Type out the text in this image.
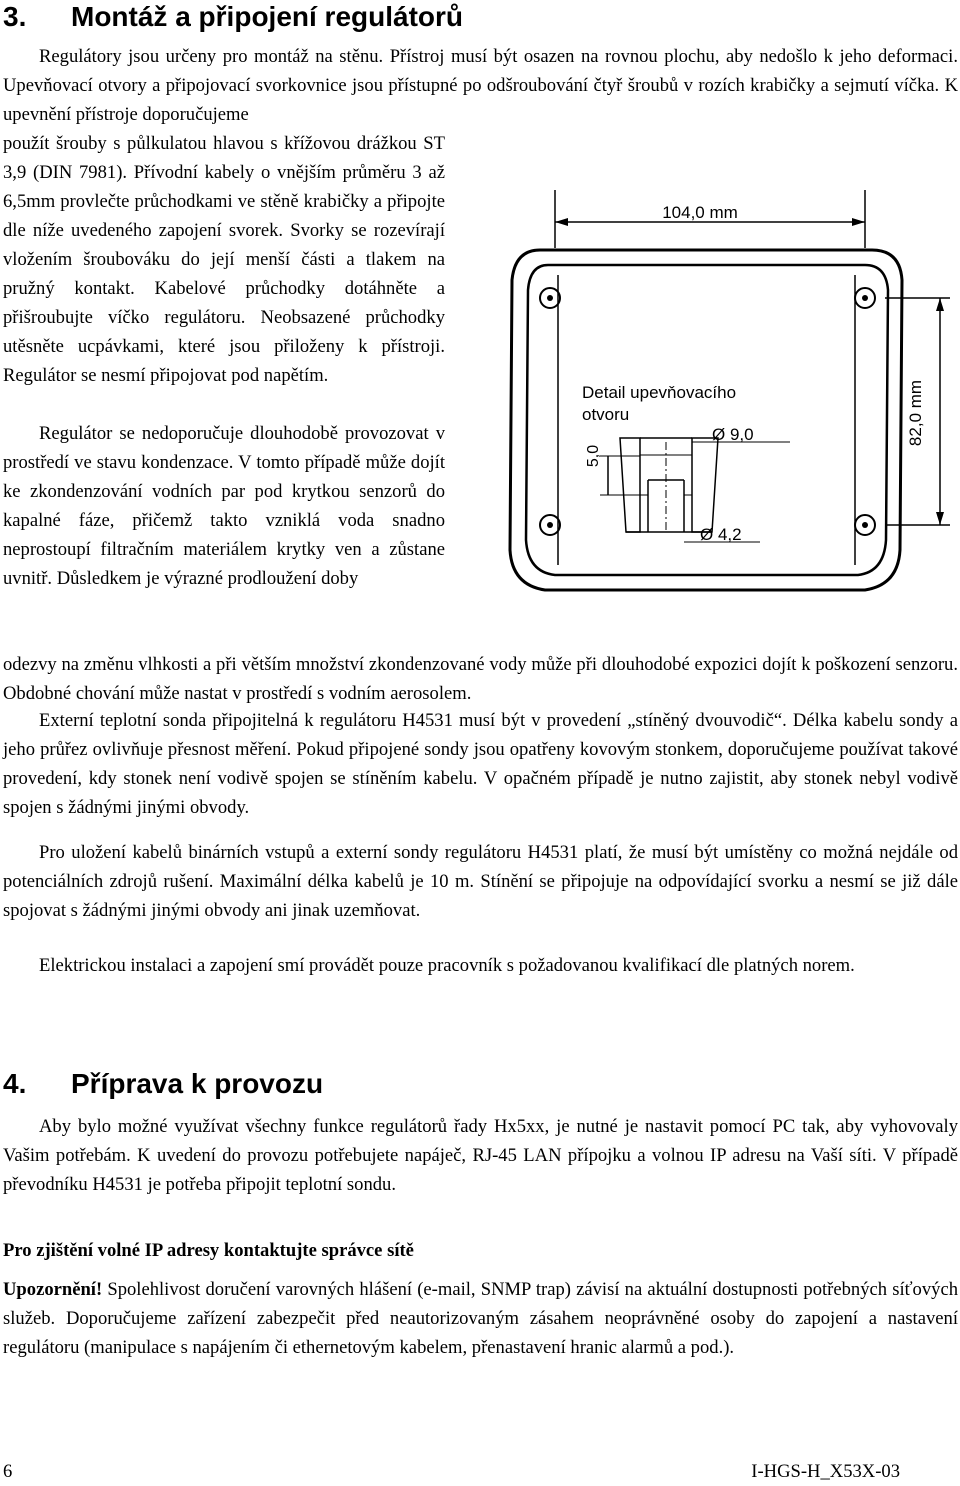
3. Montáž a připojení regulátorů

Regulátory jsou určeny pro montáž na stěnu. Přístroj musí být osazen na rovnou plochu, aby nedošlo k jeho deformaci. Upevňovací otvory a připojovací svorkovnice jsou přístupné po odšroubování čtyř šroubů v rozích krabičky a sejmutí víčka. K upevnění přístroje doporučujeme

použít šrouby s půlkulatou hlavou s křížovou drážkou ST 3,9 (DIN 7981). Přívodní kabely o vnějším průměru 3 až 6,5mm provlečte průchodkami ve stěně krabičky a připojte dle níže uvedeného zapojení svorek. Svorky se rozevírají vložením šroubováku do její menší části a tlakem na pružný kontakt. Kabelové průchodky dotáhněte a přišroubujte víčko regulátoru. Neobsazené průchodky utěsněte ucpávkami, které jsou přiloženy k přístroji. Regulátor se nesmí připojovat pod napětím.

Regulátor se nedoporučuje dlouhodobě provozovat v prostředí ve stavu kondenzace. V tomto případě může dojít ke zkondenzování vodních par pod krytkou senzorů do kapalné fáze, přičemž takto vzniklá voda snadno neprostoupí filtračním materiálem krytky ven a zůstane uvnitř. Důsledkem je výrazné prodloužení doby

odezvy na změnu vlhkosti a při větším množství zkondenzované vody může při dlouhodobé expozici dojít k poškození senzoru. Obdobné chování může nastat v prostředí s vodním aerosolem.

Externí teplotní sonda připojitelná k regulátoru H4531 musí být v provedení „stíněný dvouvodič“. Délka kabelu sondy a jeho průřez ovlivňuje přesnost měření. Pokud připojené sondy jsou opatřeny kovovým stonkem, doporučujeme používat takové provedení, kdy stonek není vodivě spojen se stíněním kabelu. V opačném případě je nutno zajistit, aby stonek nebyl vodivě spojen s žádnými jinými obvody.

Pro uložení kabelů binárních vstupů a externí sondy regulátoru H4531 platí, že musí být umístěny co možná nejdále od potenciálních zdrojů rušení. Maximální délka kabelů je 10 m. Stínění se připojuje na odpovídající svorku a nesmí se již dále spojovat s žádnými jinými obvody ani jinak uzemňovat.

Elektrickou instalaci a zapojení smí provádět pouze pracovník s požadovanou kvalifikací dle platných norem.

104,0 mm
82,0 mm
Detail upevňovacího
otvoru
5,0
Ø 9,0
Ø 4,2
4. Příprava k provozu

Aby bylo možné využívat všechny funkce regulátorů řady Hx5xx, je nutné je nastavit pomocí PC tak, aby vyhovovaly Vašim potřebám. K uvedení do provozu potřebujete napáječ, RJ-45 LAN přípojku a volnou IP adresu na Vaší síti. V případě převodníku H4531 je potřeba připojit teplotní sondu.

Pro zjištění volné IP adresy kontaktujte správce sítě

Upozornění! Spolehlivost doručení varovných hlášení (e-mail, SNMP trap) závisí na aktuální dostupnosti potřebných síťových služeb. Doporučujeme zařízení zabezpečit před neautorizovaným zásahem neoprávněné osoby do zapojení a nastavení regulátoru (manipulace s napájením či ethernetovým kabelem, přenastavení hranic alarmů a pod.).

6	I-HGS-H_X53X-03
